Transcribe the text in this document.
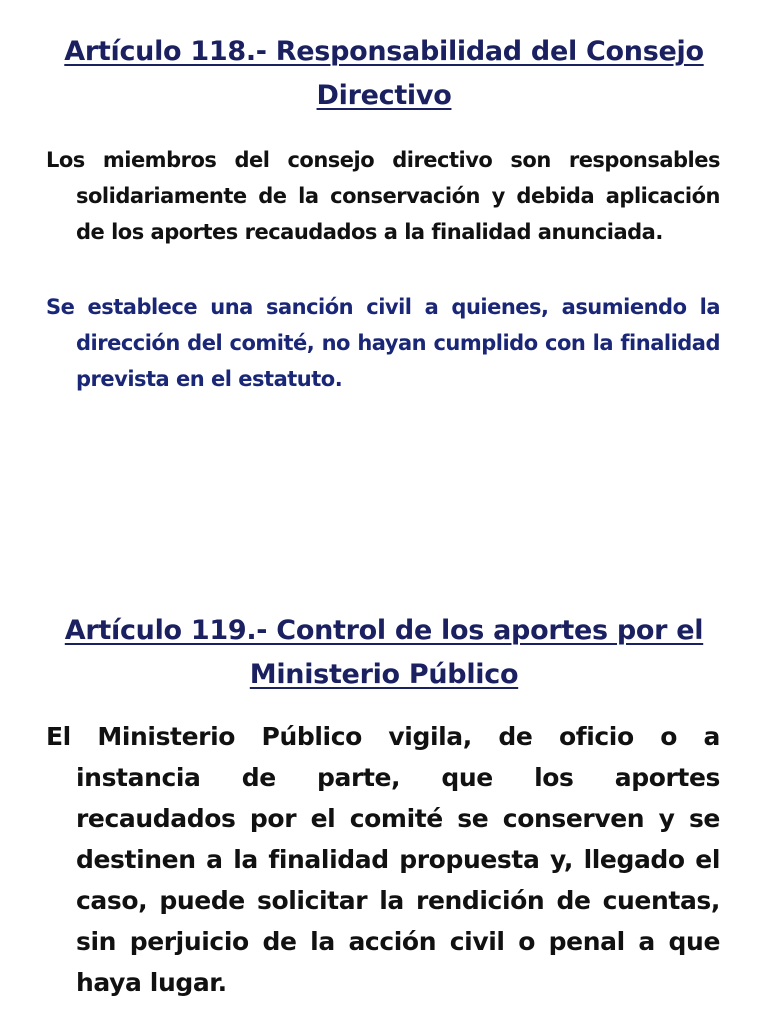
Artículo 118.- Responsabilidad del Consejo
Directivo

Los miembros del consejo directivo son responsables solidariamente de la conservación y debida aplicación de los aportes recaudados a la finalidad anunciada.

Se establece una sanción civil a quienes, asumiendo la dirección del comité, no hayan cumplido con la finalidad prevista en el estatuto.

Artículo 119.- Control de los aportes por el
Ministerio Público

El Ministerio Público vigila, de oficio o a instancia de parte, que los aportes recaudados por el comité se conserven y se destinen a la finalidad propuesta y, llegado el caso, puede solicitar la rendición de cuentas, sin perjuicio de la acción civil o penal a que haya lugar.
